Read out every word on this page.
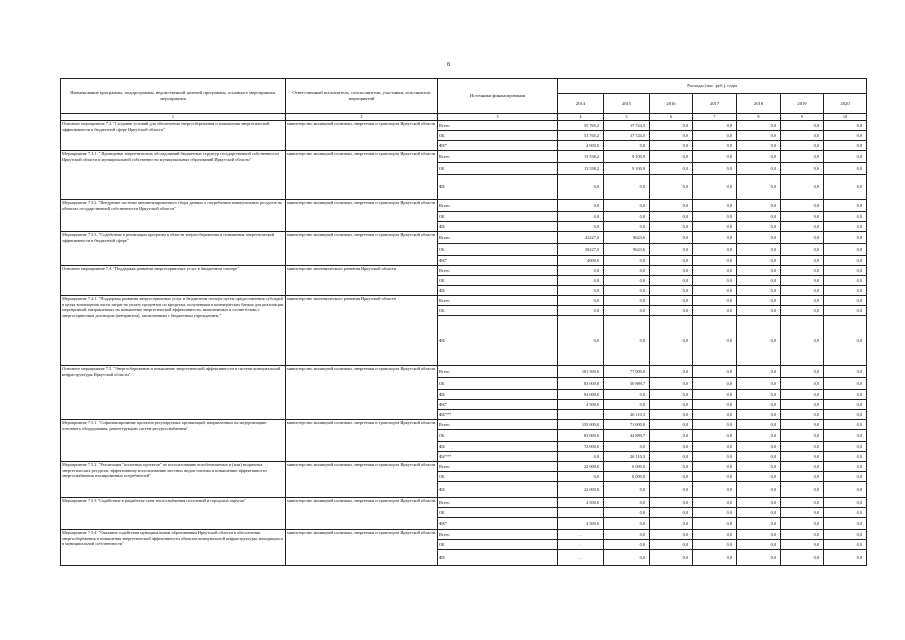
8
Наименование программы, подпрограммы, ведомственной целевой программы, основного мероприятия, мероприятия	Ответственный исполнитель, соисполнители, участники, исполнители мероприятий	Источники финансирования	Расходы (тыс. руб.), годы						
			2014	2015	2016	2017	2018	2019	2020
1	2	3	4	5	6	7	8	9	10
Основное мероприятие 7.3. "Создание условий для обеспечения энергосбережения и повышения энергетической эффективности в бюджетной сфере Иркутской области"	министерство жилищной политики, энергетики и транспорта Иркутской области	Всего	55 765,2	17 724,5	0,0	0,0	0,0	0,0	0,0
		ОБ	51 765,2	17 724,5	0,0	0,0	0,0	0,0	0,0
		ФБ*	4 000,0	0,0	0,0	0,0	0,0	0,0	0,0
Мероприятие 7.3.1. " Проведение энергетических обследований бюджетных структур государственной собственности Иркутской области и муниципальной собственности муниципальных образований Иркутской области"	министерство жилищной политики, энергетики и транспорта Иркутской области	Всего	13 538,2	9 100,9	0,0	0,0	0,0	0,0	0,0
		ОБ	13 538,2	9 100,9	0,0	0,0	0,0	0,0	0,0
		ФБ	0,0	0,0	0,0	0,0	0,0	0,0	0,0
Мероприятие 7.3.2. "Внедрение системы автоматизированного сбора данных о потреблении коммунальных ресурсов на объектах государственной собственности Иркутской области"	министерство жилищной политики, энергетики и транспорта Иркутской области	Всего	0,0	0,0	0,0	0,0	0,0	0,0	0,0
		ОБ	0,0	0,0	0,0	0,0	0,0	0,0	0,0
		ФБ	0,0	0,0	0,0	0,0	0,0	0,0	0,0
Мероприятие 7.3.3. "Содействие в реализации программ в области энергосбережения и повышения энергетической эффективности в бюджетной сфере"	министерство жилищной политики, энергетики и транспорта Иркутской области	Всего	42227,0	8623,6	0,0	0,0	0,0	0,0	0,0
		ОБ	38227,0	8623,6	0,0	0,0	0,0	0,0	0,0
		ФБ*	4000,0	0,0	0,0	0,0	0,0	0,0	0,0
Основное мероприятие 7.4. "Поддержка развития энергосервисных услуг в бюджетном секторе"	министерство экономического развития Иркутской области	Всего	0,0	0,0	0,0	0,0	0,0	0,0	0,0
		ОБ	0,0	0,0	0,0	0,0	0,0	0,0	0,0
		ФБ	0,0	0,0	0,0	0,0	0,0	0,0	0,0
Мероприятие 7.4.1. "Поддержка развития энергосервисных услуг в бюджетном секторе путем предоставления субсидий в целях возмещения части затрат на уплату процентов по кредитам, полученным в коммерческих банках для реализации мероприятий, направленных на повышение энергетической эффективности, выполняемых в соответствии с энергосервисным договором (контрактом), заключенным с бюджетным учреждением."	министерство экономического развития Иркутской области	Всего	0,0	0,0	0,0	0,0	0,0	0,0	0,0
		ОБ	0,0	0,0	0,0	0,0	0,0	0,0	0,0
		ФБ	0,0	0,0	0,0	0,0	0,0	0,0	0,0
Основное мероприятие 7.5. "Энергосбережение и повышение энергетической эффективности в системе коммунальной инфраструктуры Иркутской области"	министерство жилищной политики, энергетики и транспорта Иркутской области	Всего	181 500,0	77 000,0	0,0	0,0	0,0	0,0	0,0
		ОБ	83 000,0	50 889,7	0,0	0,0	0,0	0,0	0,0
		ФБ	94 000,0	0,0	0,0	0,0	0,0	0,0	0,0
		ФБ*	4 500,0	0,0	0,0	0,0	0,0	0,0	0,0
		ФБ***		26 110,3	0,0	0,0	0,0	0,0	0,0
Мероприятие 7.5.1. "Софинансирование проектов регулируемых организаций, направленных на модернизацию основного оборудования, реконструкцию систем ресурсоснабжения"	министерство жилищной политики, энергетики и транспорта Иркутской области	Всего	155 000,0	71 000,0	0,0	0,0	0,0	0,0	0,0
		ОБ	83 000,0	44 889,7	0,0	0,0	0,0	0,0	0,0
		ФБ	72 000,0	0,0	0,0	0,0	0,0	0,0	0,0
		ФБ***	0,0	26 110,3	0,0	0,0	0,0	0,0	0,0
Мероприятие 7.5.2. "Реализация "пилотных проектов" по использованию возобновляемых и (или) вторичных энергетических ресурсов, эффективному использованию местных видов топлива и повышению эффективности энергоснабжения изолированных потребителей"	министерство жилищной политики, энергетики и транспорта Иркутской области	Всего	22 000,0	6 000,0	0,0	0,0	0,0	0,0	0,0
		ОБ	0,0	6 000,0	0,0	0,0	0,0	0,0	0,0
		ФБ	22 000,0	0,0	0,0	0,0	0,0	0,0	0,0
Мероприятие 7.5.3 "Содействие в разработке схем теплоснабжения поселений и городских округов"	министерство жилищной политики, энергетики и транспорта Иркутской области	Всего	4 500,0	0,0	0,0	0,0	0,0	0,0	0,0
		ОБ		0,0	0,0	0,0	0,0	0,0	0,0
		ФБ*	4 500,0	0,0	0,0	0,0	0,0	0,0	0,0
Мероприятие 7.5.4. "Оказание содействия муниципальным образованиям Иркутской области в обеспечении энергосбережения и повышения энергетической эффективности объектов коммунальной инфраструктуры, находящихся в муниципальной собственности"	министерство жилищной политики, энергетики и транспорта Иркутской области	Всего	–	0,0	0,0	0,0	0,0	0,0	0,0
		ОБ	–	0,0	0,0	0,0	0,0	0,0	0,0
		ФБ	–	0,0	0,0	0,0	0,0	0,0	0,0
